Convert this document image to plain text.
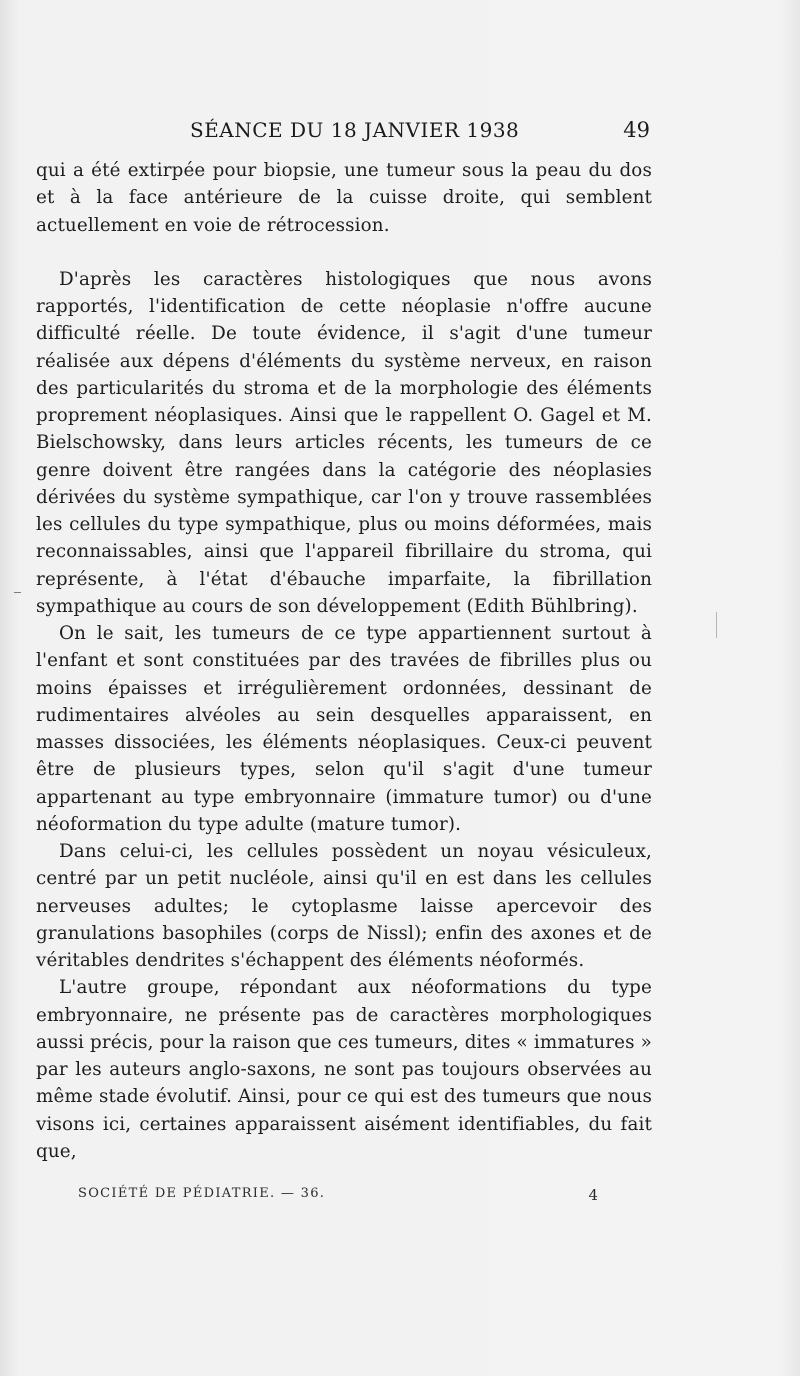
SÉANCE DU 18 JANVIER 1938	49

qui a été extirpée pour biopsie, une tumeur sous la peau du dos et à la face antérieure de la cuisse droite, qui semblent actuellement en voie de rétrocession.

D'après les caractères histologiques que nous avons rapportés, l'identification de cette néoplasie n'offre aucune difficulté réelle. De toute évidence, il s'agit d'une tumeur réalisée aux dépens d'éléments du système nerveux, en raison des particularités du stroma et de la morphologie des éléments proprement néoplasiques. Ainsi que le rappellent O. Gagel et M. Bielschowsky, dans leurs articles récents, les tumeurs de ce genre doivent être rangées dans la catégorie des néoplasies dérivées du système sympathique, car l'on y trouve rassemblées les cellules du type sympathique, plus ou moins déformées, mais reconnaissables, ainsi que l'appareil fibrillaire du stroma, qui représente, à l'état d'ébauche imparfaite, la fibrillation sympathique au cours de son développement (Edith Bühlbring).

On le sait, les tumeurs de ce type appartiennent surtout à l'enfant et sont constituées par des travées de fibrilles plus ou moins épaisses et irrégulièrement ordonnées, dessinant de rudimentaires alvéoles au sein desquelles apparaissent, en masses dissociées, les éléments néoplasiques. Ceux-ci peuvent être de plusieurs types, selon qu'il s'agit d'une tumeur appartenant au type embryonnaire (immature tumor) ou d'une néoformation du type adulte (mature tumor).

Dans celui-ci, les cellules possèdent un noyau vésiculeux, centré par un petit nucléole, ainsi qu'il en est dans les cellules nerveuses adultes; le cytoplasme laisse apercevoir des granulations basophiles (corps de Nissl); enfin des axones et de véritables dendrites s'échappent des éléments néoformés.

L'autre groupe, répondant aux néoformations du type embryonnaire, ne présente pas de caractères morphologiques aussi précis, pour la raison que ces tumeurs, dites « immatures » par les auteurs anglo-saxons, ne sont pas toujours observées au même stade évolutif. Ainsi, pour ce qui est des tumeurs que nous visons ici, certaines apparaissent aisément identifiables, du fait que,

SOCIÉTÉ DE PÉDIATRIE. — 36.	4
